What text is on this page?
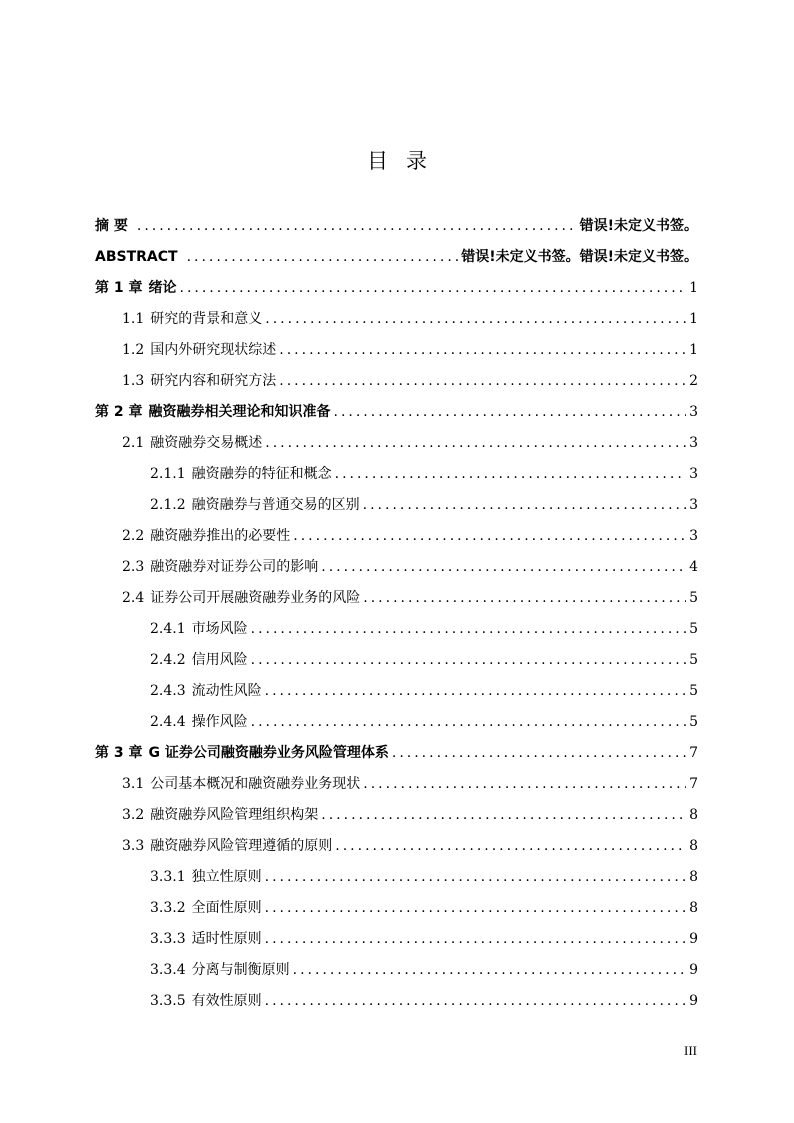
目 录
摘 要 .....	错误!未定义书签。
ABSTRACT .....	错误!未定义书签。错误!未定义书签。
第 1 章 绪论 .....	1
1.1 研究的背景和意义 .....	1
1.2 国内外研究现状综述 .....	1
1.3 研究内容和研究方法 .....	2
第 2 章 融资融券相关理论和知识准备 .....	3
2.1 融资融券交易概述 .....	3
2.1.1 融资融券的特征和概念 .....	3
2.1.2 融资融券与普通交易的区别 .....	3
2.2 融资融券推出的必要性 .....	3
2.3 融资融券对证券公司的影响 .....	4
2.4 证券公司开展融资融券业务的风险 .....	5
2.4.1 市场风险 .....	5
2.4.2 信用风险 .....	5
2.4.3 流动性风险 .....	5
2.4.4 操作风险 .....	5
第 3 章 G 证券公司融资融券业务风险管理体系 .....	7
3.1 公司基本概况和融资融券业务现状 .....	7
3.2 融资融券风险管理组织构架 .....	8
3.3 融资融券风险管理遵循的原则 .....	8
3.3.1 独立性原则 .....	8
3.3.2 全面性原则 .....	8
3.3.3 适时性原则 .....	9
3.3.4 分离与制衡原则 .....	9
3.3.5 有效性原则 .....	9
III
